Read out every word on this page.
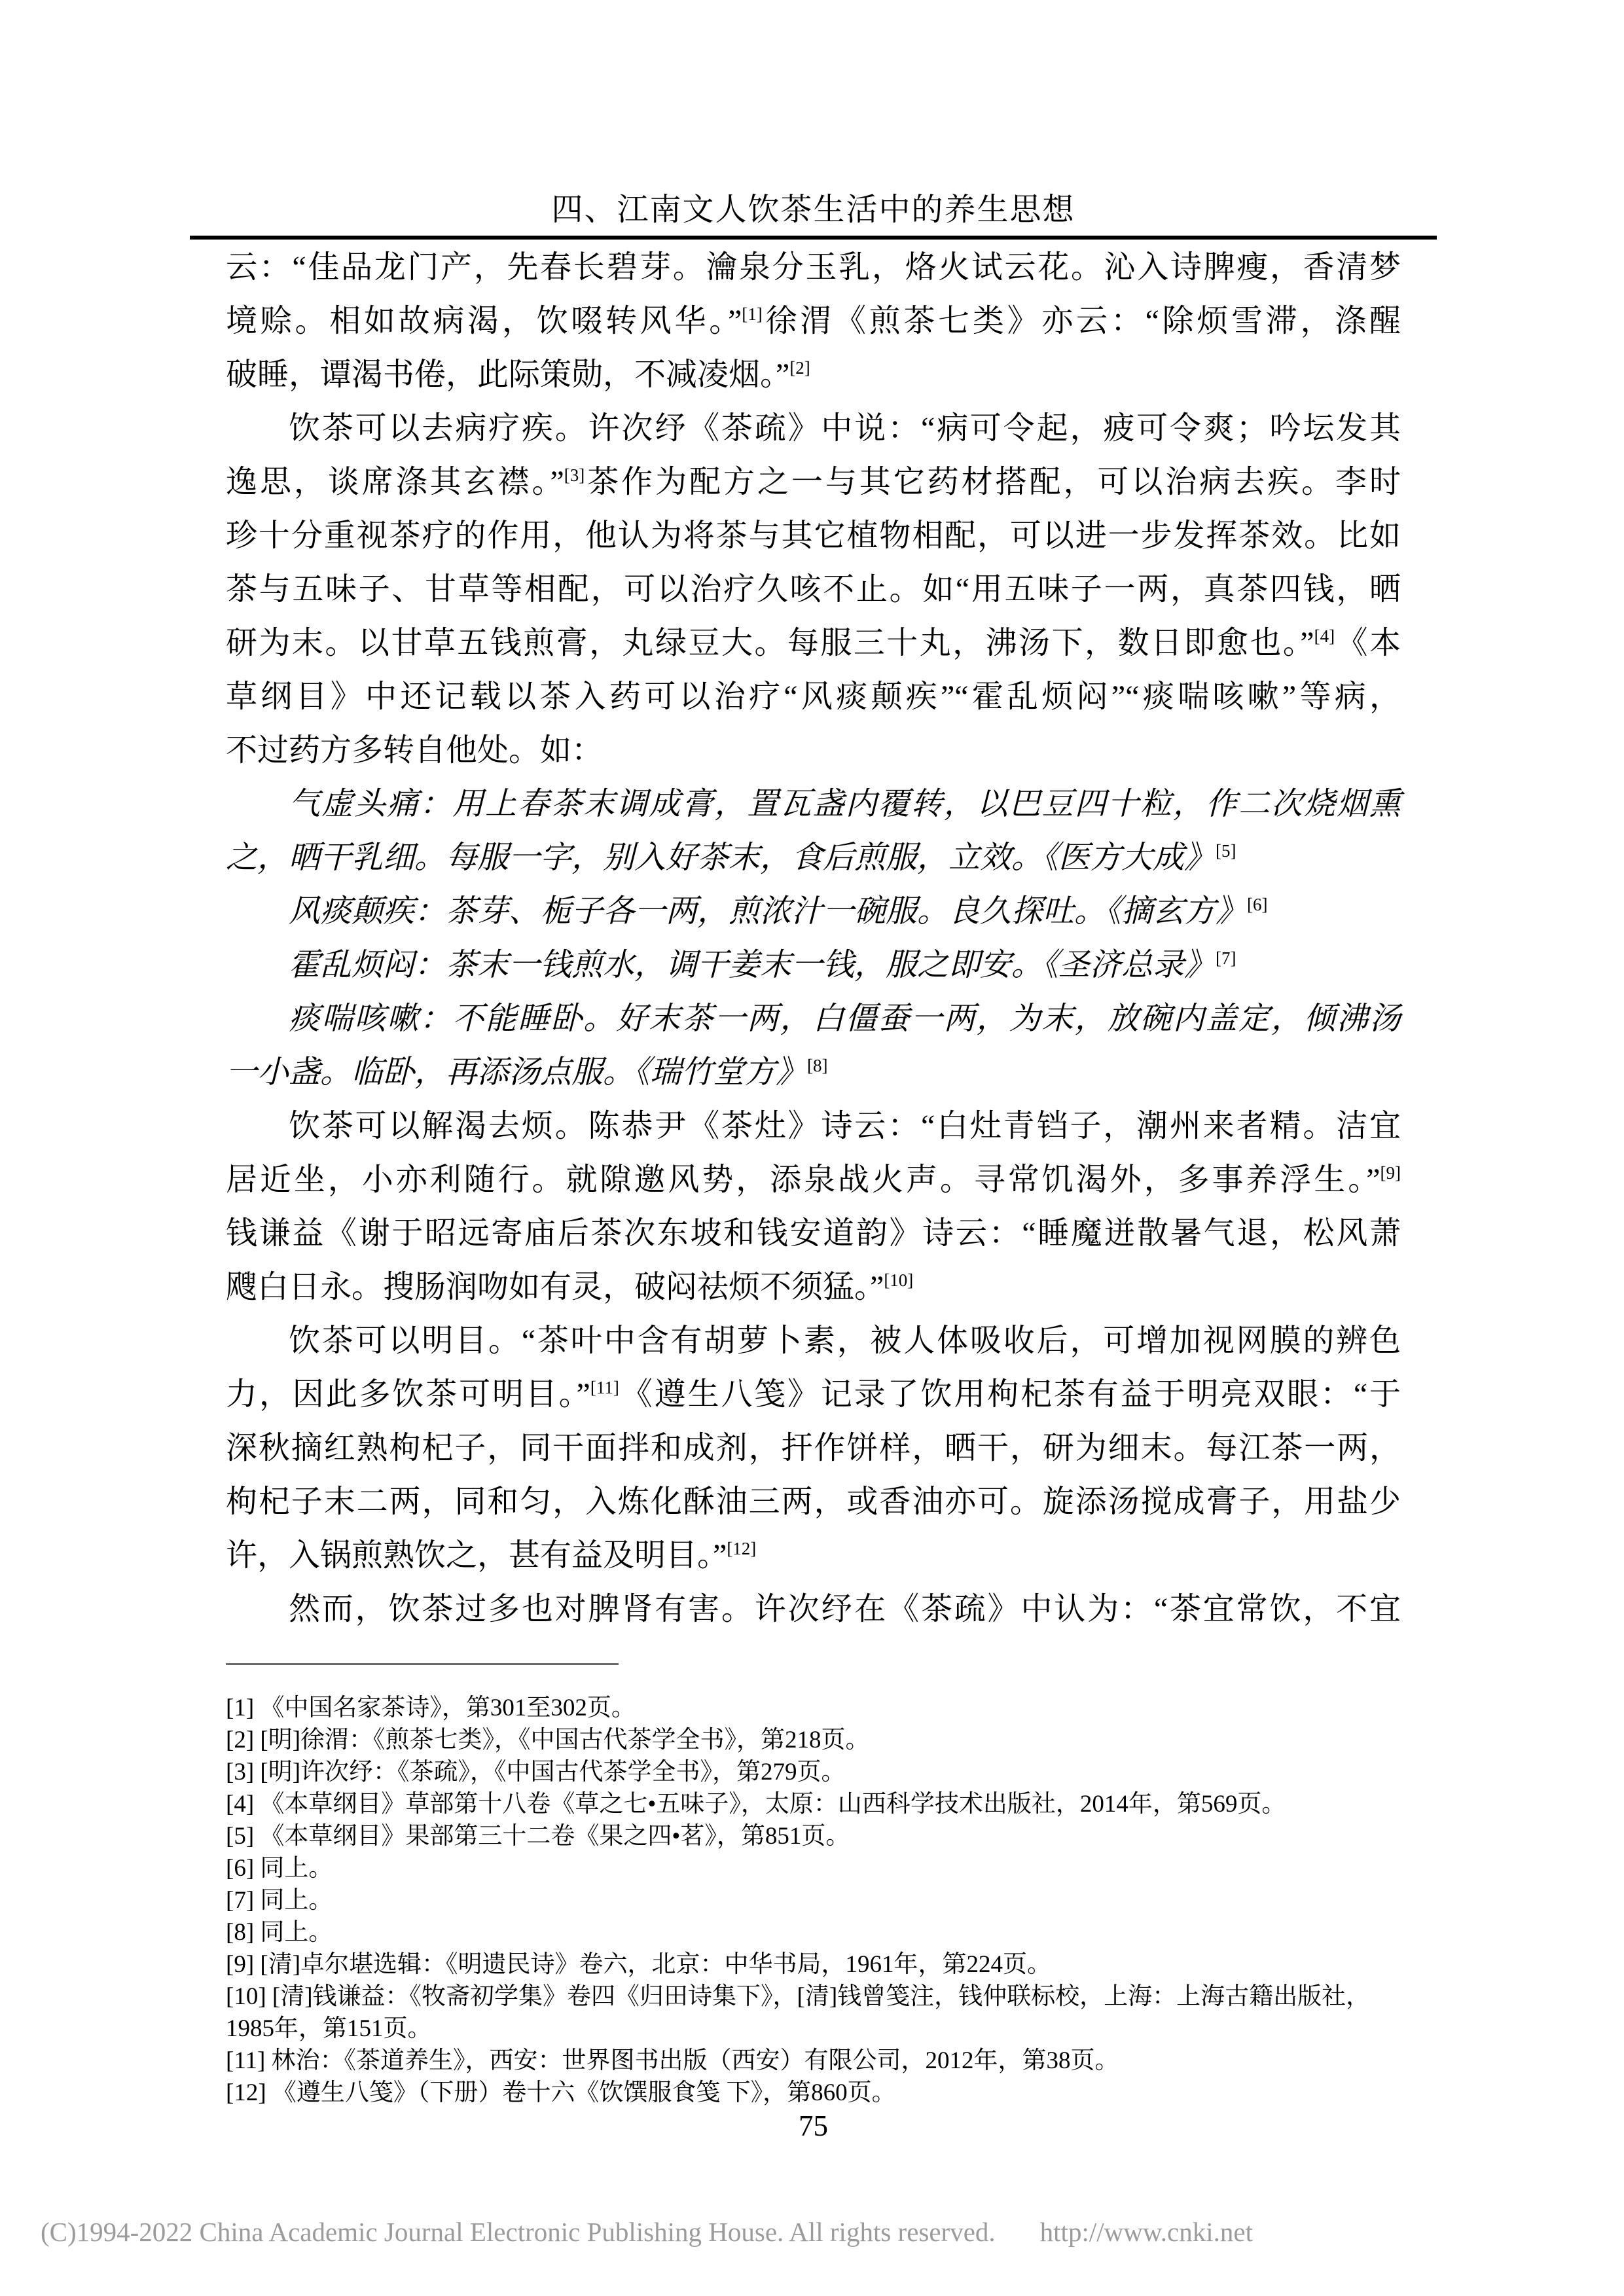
四、江南文人饮茶生活中的养生思想
云：“佳品龙门产，先春长碧芽。瀹泉分玉乳，烙火试云花。沁入诗脾瘦，香清梦
境赊。相如故病渴，饮啜转风华。”[1]徐渭《煎茶七类》亦云：“除烦雪滞，涤醒
破睡，谭渴书倦，此际策勋，不减凌烟。”[2]
饮茶可以去病疗疾。许次纾《茶疏》中说：“病可令起，疲可令爽；吟坛发其
逸思，谈席涤其玄襟。”[3]茶作为配方之一与其它药材搭配，可以治病去疾。李时
珍十分重视茶疗的作用，他认为将茶与其它植物相配，可以进一步发挥茶效。比如
茶与五味子、甘草等相配，可以治疗久咳不止。如“用五味子一两，真茶四钱，晒
研为末。以甘草五钱煎膏，丸绿豆大。每服三十丸，沸汤下，数日即愈也。”[4]《本
草纲目》中还记载以茶入药可以治疗“风痰颠疾”“霍乱烦闷”“痰喘咳嗽”等病，
不过药方多转自他处。如：
气虚头痛：用上春茶末调成膏，置瓦盏内覆转，以巴豆四十粒，作二次烧烟熏
之，晒干乳细。每服一字，别入好茶末，食后煎服，立效。《医方大成》[5]
风痰颠疾：茶芽、栀子各一两，煎浓汁一碗服。良久探吐。《摘玄方》[6]
霍乱烦闷：茶末一钱煎水，调干姜末一钱，服之即安。《圣济总录》[7]
痰喘咳嗽：不能睡卧。好末茶一两，白僵蚕一两，为末，放碗内盖定，倾沸汤
一小盏。临卧，再添汤点服。《瑞竹堂方》[8]
饮茶可以解渴去烦。陈恭尹《茶灶》诗云：“白灶青铛子，潮州来者精。洁宜
居近坐，小亦利随行。就隙邀风势，添泉战火声。寻常饥渴外，多事养浮生。”[9]
钱谦益《谢于昭远寄庙后茶次东坡和钱安道韵》诗云：“睡魔迸散暑气退，松风萧
飕白日永。搜肠润吻如有灵，破闷祛烦不须猛。”[10]
饮茶可以明目。“茶叶中含有胡萝卜素，被人体吸收后，可增加视网膜的辨色
力，因此多饮茶可明目。”[11]《遵生八笺》记录了饮用枸杞茶有益于明亮双眼：“于
深秋摘红熟枸杞子，同干面拌和成剂，扞作饼样，晒干，研为细末。每江茶一两，
枸杞子末二两，同和匀，入炼化酥油三两，或香油亦可。旋添汤搅成膏子，用盐少
许，入锅煎熟饮之，甚有益及明目。”[12]
然而，饮茶过多也对脾肾有害。许次纾在《茶疏》中认为：“茶宜常饮，不宜
[1] 《中国名家茶诗》，第301至302页。
[2] [明]徐渭：《煎茶七类》，《中国古代茶学全书》，第218页。
[3] [明]许次纾：《茶疏》，《中国古代茶学全书》，第279页。
[4] 《本草纲目》草部第十八卷《草之七•五味子》，太原：山西科学技术出版社，2014年，第569页。
[5] 《本草纲目》果部第三十二卷《果之四•茗》，第851页。
[6] 同上。
[7] 同上。
[8] 同上。
[9] [清]卓尔堪选辑：《明遗民诗》卷六，北京：中华书局，1961年，第224页。
[10] [清]钱谦益：《牧斋初学集》卷四《归田诗集下》，[清]钱曾笺注，钱仲联标校，上海：上海古籍出版社，
1985年，第151页。
[11] 林治：《茶道养生》，西安：世界图书出版（西安）有限公司，2012年，第38页。
[12] 《遵生八笺》（下册）卷十六《饮馔服食笺 下》，第860页。
75
(C)1994-2022 China Academic Journal Electronic Publishing House. All rights reserved. http://www.cnki.net
